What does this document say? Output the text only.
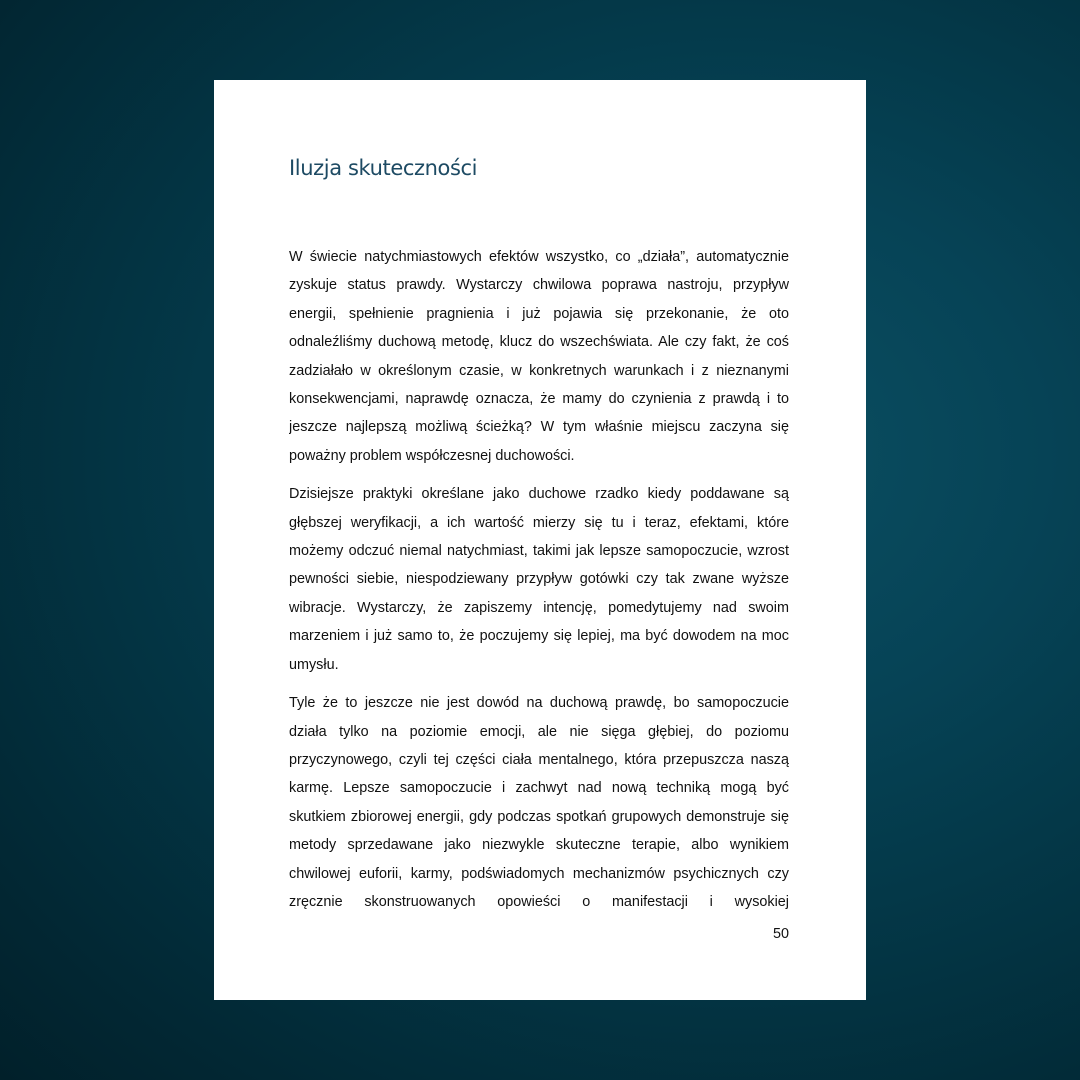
Iluzja skuteczności

W świecie natychmiastowych efektów wszystko, co „działa”, automatycznie zyskuje status prawdy. Wystarczy chwilowa poprawa nastroju, przypływ energii, spełnienie pragnienia i już pojawia się przekonanie, że oto odnaleźliśmy duchową metodę, klucz do wszechświata. Ale czy fakt, że coś zadziałało w określonym czasie, w konkretnych warunkach i z nieznanymi konsekwencjami, naprawdę oznacza, że mamy do czynienia z prawdą i to jeszcze najlepszą możliwą ścieżką? W tym właśnie miejscu zaczyna się poważny problem współczesnej duchowości.

Dzisiejsze praktyki określane jako duchowe rzadko kiedy poddawane są głębszej weryfikacji, a ich wartość mierzy się tu i teraz, efektami, które możemy odczuć niemal natychmiast, takimi jak lepsze samopoczucie, wzrost pewności siebie, niespodziewany przypływ gotówki czy tak zwane wyższe wibracje. Wystarczy, że zapiszemy intencję, pomedytujemy nad swoim marzeniem i już samo to, że poczujemy się lepiej, ma być dowodem na moc umysłu.

Tyle że to jeszcze nie jest dowód na duchową prawdę, bo samopoczucie działa tylko na poziomie emocji, ale nie sięga głębiej, do poziomu przyczynowego, czyli tej części ciała mentalnego, która przepuszcza naszą karmę. Lepsze samopoczucie i zachwyt nad nową techniką mogą być skutkiem zbiorowej energii, gdy podczas spotkań grupowych demonstruje się metody sprzedawane jako niezwykle skuteczne terapie, albo wynikiem chwilowej euforii, karmy, podświadomych mechanizmów psychicznych czy zręcznie skonstruowanych opowieści o manifestacji i wysokiej

50
